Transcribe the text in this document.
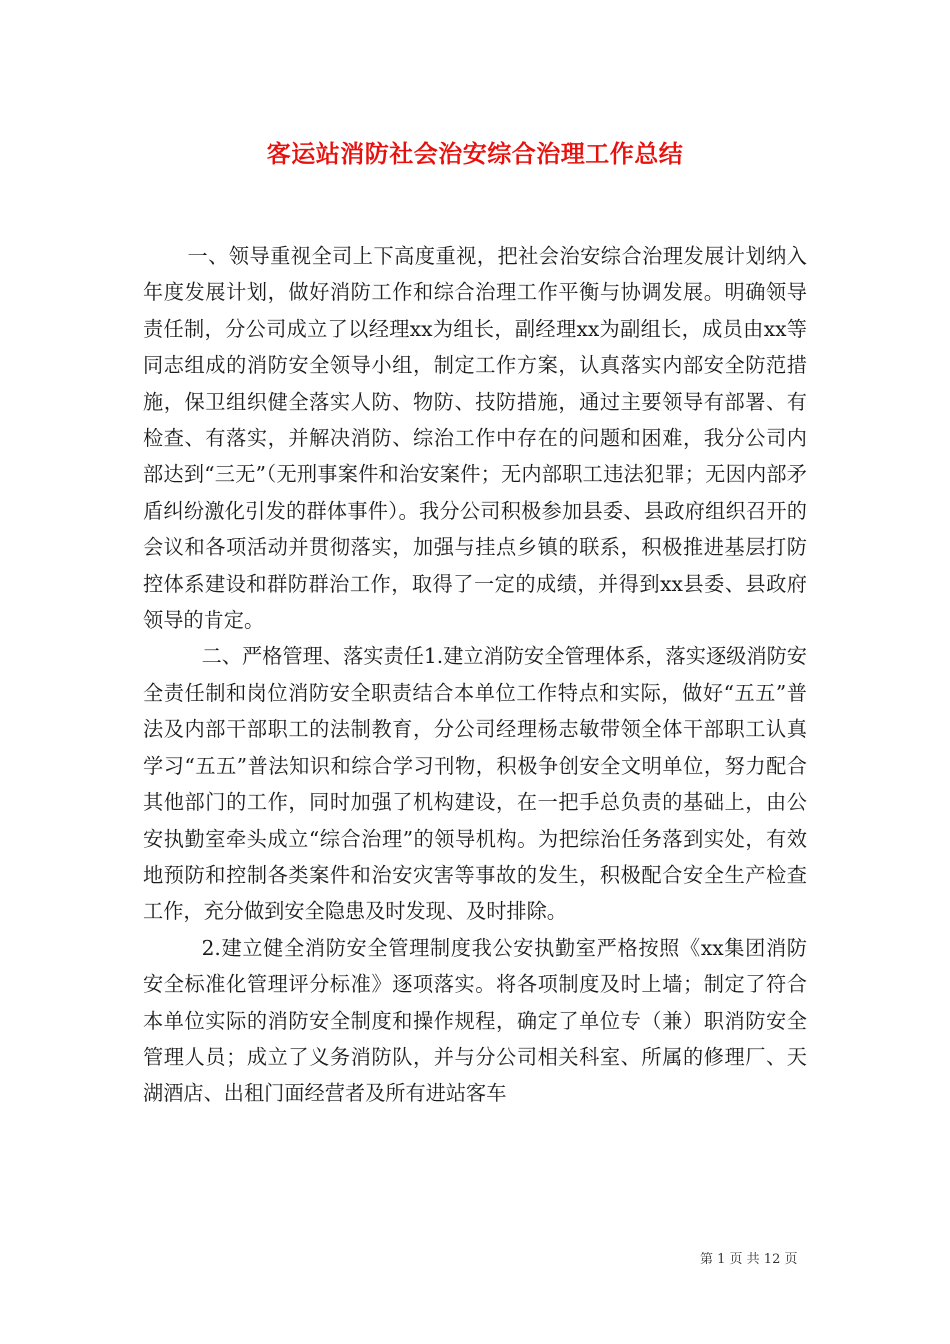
客运站消防社会治安综合治理工作总结

一、领导重视全司上下高度重视，把社会治安综合治理发展计划纳入年度发展计划，做好消防工作和综合治理工作平衡与协调发展。明确领导责任制，分公司成立了以经理xx为组长，副经理xx为副组长，成员由xx等同志组成的消防安全领导小组，制定工作方案，认真落实内部安全防范措施，保卫组织健全落实人防、物防、技防措施，通过主要领导有部署、有检查、有落实，并解决消防、综治工作中存在的问题和困难，我分公司内部达到“三无”（无刑事案件和治安案件；无内部职工违法犯罪；无因内部矛盾纠纷激化引发的群体事件）。我分公司积极参加县委、县政府组织召开的会议和各项活动并贯彻落实，加强与挂点乡镇的联系，积极推进基层打防控体系建设和群防群治工作，取得了一定的成绩，并得到xx县委、县政府领导的肯定。

二、严格管理、落实责任1.建立消防安全管理体系，落实逐级消防安全责任制和岗位消防安全职责结合本单位工作特点和实际，做好“五五”普法及内部干部职工的法制教育，分公司经理杨志敏带领全体干部职工认真学习“五五”普法知识和综合学习刊物，积极争创安全文明单位，努力配合其他部门的工作，同时加强了机构建设，在一把手总负责的基础上，由公安执勤室牵头成立“综合治理”的领导机构。为把综治任务落到实处，有效地预防和控制各类案件和治安灾害等事故的发生，积极配合安全生产检查工作，充分做到安全隐患及时发现、及时排除。

2.建立健全消防安全管理制度我公安执勤室严格按照《xx集团消防安全标准化管理评分标准》逐项落实。将各项制度及时上墙；制定了符合本单位实际的消防安全制度和操作规程，确定了单位专（兼）职消防安全管理人员；成立了义务消防队，并与分公司相关科室、所属的修理厂、天湖酒店、出租门面经营者及所有进站客车

第 1 页 共 12 页
